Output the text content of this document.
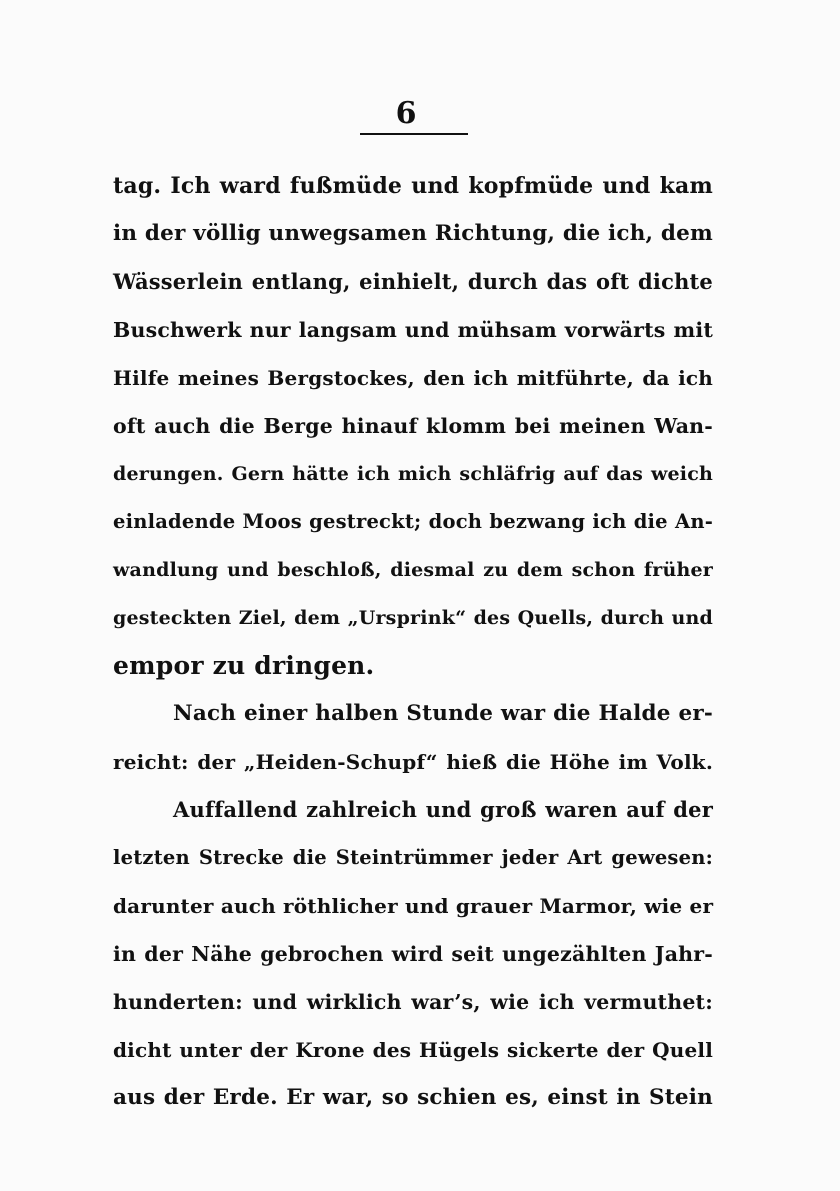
6
tag. Ich ward fußmüde und kopfmüde und kam
in der völlig unwegsamen Richtung, die ich, dem
Wässerlein entlang, einhielt, durch das oft dichte
Buschwerk nur langsam und mühsam vorwärts mit
Hilfe meines Bergstockes, den ich mitführte, da ich
oft auch die Berge hinauf klomm bei meinen Wan-
derungen. Gern hätte ich mich schläfrig auf das weich
einladende Moos gestreckt; doch bezwang ich die An-
wandlung und beschloß, diesmal zu dem schon früher
gesteckten Ziel, dem „Ursprink“ des Quells, durch und
empor zu dringen.
Nach einer halben Stunde war die Halde er-
reicht: der „Heiden-Schupf“ hieß die Höhe im Volk.
Auffallend zahlreich und groß waren auf der
letzten Strecke die Steintrümmer jeder Art gewesen:
darunter auch röthlicher und grauer Marmor, wie er
in der Nähe gebrochen wird seit ungezählten Jahr-
hunderten: und wirklich war’s, wie ich vermuthet:
dicht unter der Krone des Hügels sickerte der Quell
aus der Erde. Er war, so schien es, einst in Stein
